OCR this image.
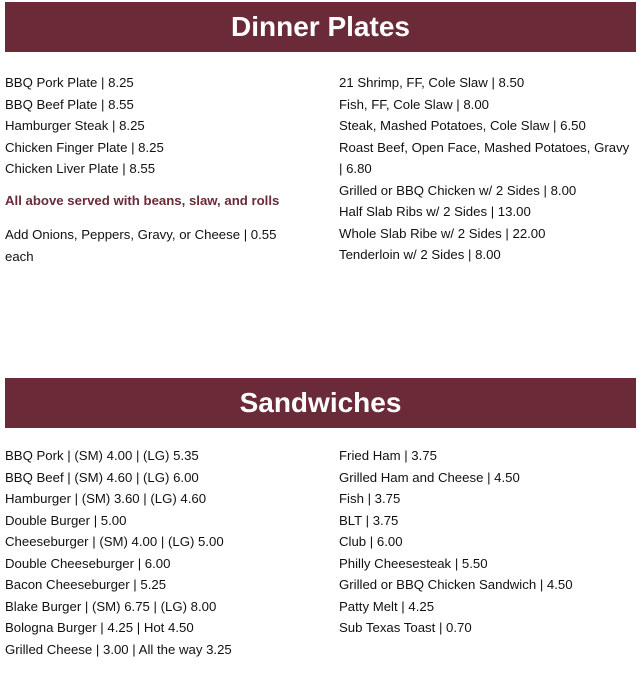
Dinner Plates

BBQ Pork Plate | 8.25

BBQ Beef Plate | 8.55

Hamburger Steak | 8.25

Chicken Finger Plate | 8.25

Chicken Liver Plate | 8.55

All above served with beans, slaw, and rolls

Add Onions, Peppers, Gravy, or Cheese | 0.55 each

21 Shrimp, FF, Cole Slaw | 8.50

Fish, FF, Cole Slaw | 8.00

Steak, Mashed Potatoes, Cole Slaw | 6.50

Roast Beef, Open Face, Mashed Potatoes, Gravy | 6.80

Grilled or BBQ Chicken w/ 2 Sides | 8.00

Half Slab Ribs w/ 2 Sides | 13.00

Whole Slab Ribe w/ 2 Sides | 22.00

Tenderloin w/ 2 Sides | 8.00

Sandwiches

BBQ Pork | (SM) 4.00 | (LG) 5.35

BBQ Beef | (SM) 4.60 | (LG) 6.00

Hamburger | (SM) 3.60 | (LG) 4.60

Double Burger | 5.00

Cheeseburger | (SM) 4.00 | (LG) 5.00

Double Cheeseburger | 6.00

Bacon Cheeseburger | 5.25

Blake Burger | (SM) 6.75 | (LG) 8.00

Bologna Burger | 4.25 | Hot 4.50

Grilled Cheese | 3.00 | All the way 3.25

Fried Ham | 3.75

Grilled Ham and Cheese | 4.50

Fish | 3.75

BLT | 3.75

Club | 6.00

Philly Cheesesteak | 5.50

Grilled or BBQ Chicken Sandwich | 4.50

Patty Melt | 4.25

Sub Texas Toast | 0.70
